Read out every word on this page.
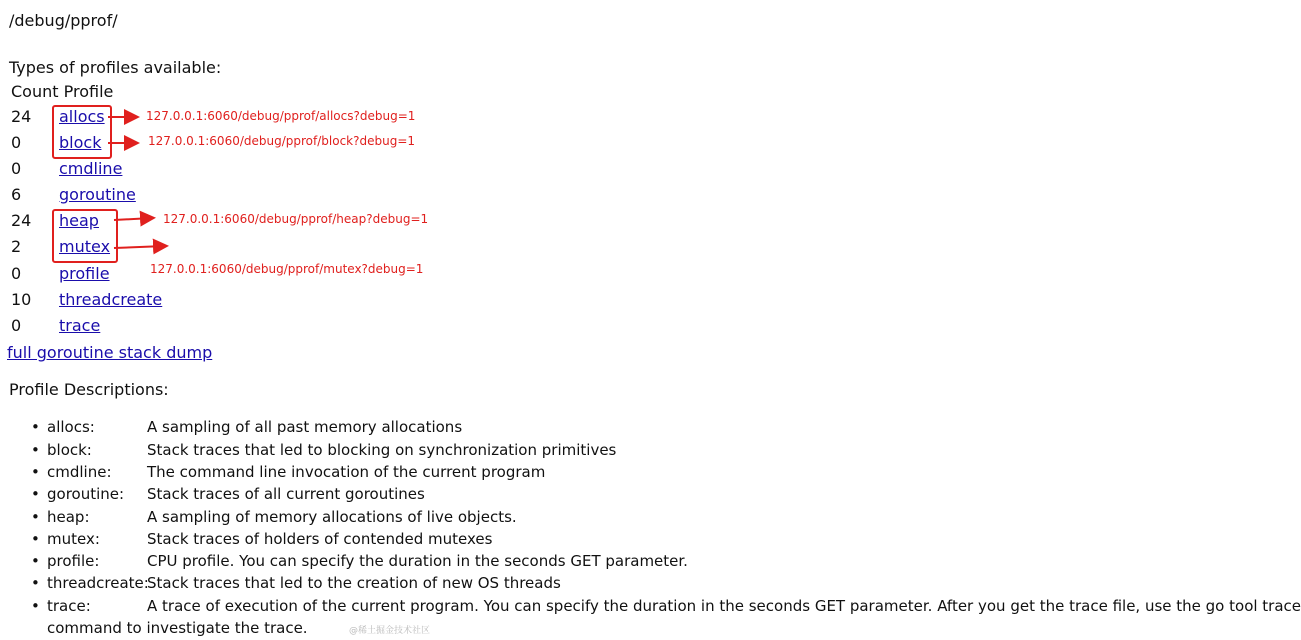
/debug/pprof/

Types of profiles available:

Count Profile
24	allocs
0	block
0	cmdline
6	goroutine
24	heap
2	mutex
0	profile
10	threadcreate
0	trace
full goroutine stack dump

Profile Descriptions:

• allocs:	A sampling of all past memory allocations
• block:	Stack traces that led to blocking on synchronization primitives
• cmdline: The command line invocation of the current program
• goroutine: Stack traces of all current goroutines
• heap:	A sampling of memory allocations of live objects.
• mutex:	Stack traces of holders of contended mutexes
• profile:	CPU profile. You can specify the duration in the seconds GET parameter.
• threadcreate:
Stack traces that led to the creation of new OS threads
• trace:	A trace of execution of the current program. You can specify the duration in the seconds GET parameter. After you get the trace file, use the go tool trace
command to investigate the trace.
127.0.0.1:6060/debug/pprof/allocs?debug=1
127.0.0.1:6060/debug/pprof/block?debug=1
127.0.0.1:6060/debug/pprof/heap?debug=1
127.0.0.1:6060/debug/pprof/mutex?debug=1
@稀土掘金技术社区
